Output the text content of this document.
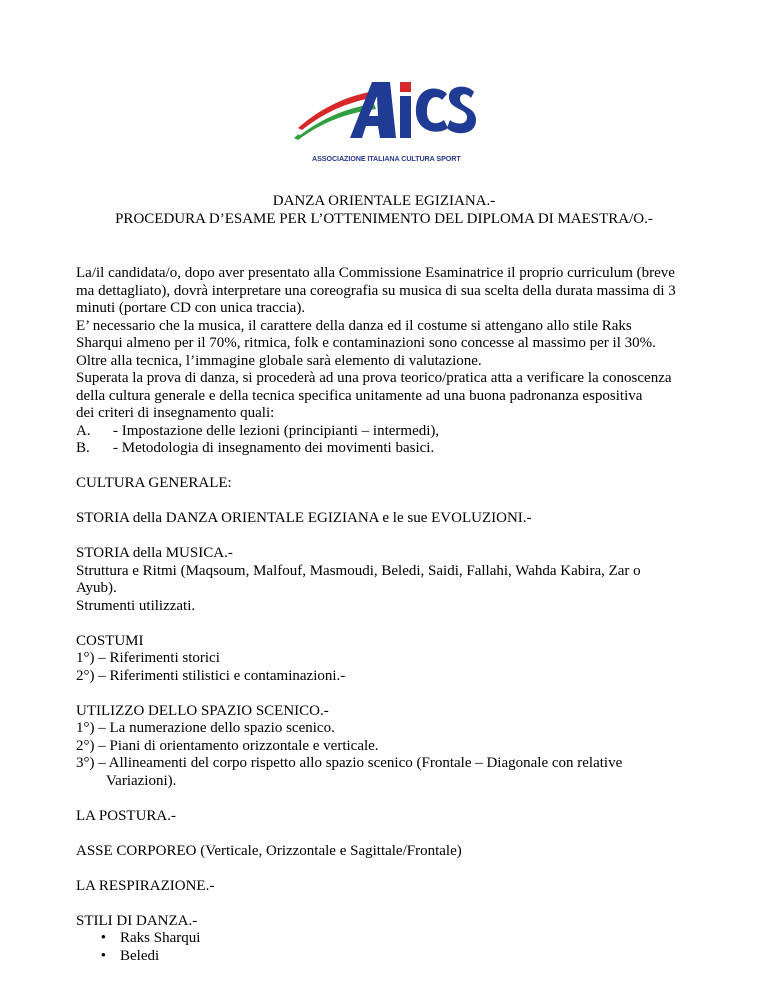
ASSOCIAZIONE ITALIANA CULTURA SPORT
DANZA ORIENTALE EGIZIANA.-
PROCEDURA D’ESAME PER L’OTTENIMENTO DEL DIPLOMA DI MAESTRA/O.-

La/il candidata/o, dopo aver presentato alla Commissione Esaminatrice il proprio curriculum (breve

ma dettagliato), dovrà interpretare una coreografia su musica di sua scelta della durata massima di 3

minuti (portare CD con unica traccia).

E’ necessario che la musica, il carattere della danza ed il costume si attengano allo stile Raks

Sharqui almeno per il 70%, ritmica, folk e contaminazioni sono concesse al massimo per il 30%.

Oltre alla tecnica, l’immagine globale sarà elemento di valutazione.

Superata la prova di danza, si procederà ad una prova teorico/pratica atta a verificare la conoscenza

della cultura generale e della tecnica specifica unitamente ad una buona padronanza espositiva

dei criteri di insegnamento quali:

A.	- Impostazione delle lezioni (principianti – intermedi),
B.	- Metodologia di insegnamento dei movimenti basici.

CULTURA GENERALE:

STORIA della DANZA ORIENTALE EGIZIANA e le sue EVOLUZIONI.-

STORIA della MUSICA.-

Struttura e Ritmi (Maqsoum, Malfouf, Masmoudi, Beledi, Saidi, Fallahi, Wahda Kabira, Zar o

Ayub).

Strumenti utilizzati.

COSTUMI

1°) – Riferimenti storici

2°) – Riferimenti stilistici e contaminazioni.-

UTILIZZO DELLO SPAZIO SCENICO.-

1°) – La numerazione dello spazio scenico.

2°) – Piani di orientamento orizzontale e verticale.

3°) – Allineamenti del corpo rispetto allo spazio scenico (Frontale – Diagonale con relative

Variazioni).

LA POSTURA.-

ASSE CORPOREO (Verticale, Orizzontale e Sagittale/Frontale)

LA RESPIRAZIONE.-

STILI DI DANZA.-

• Raks Sharqui
• Beledi
